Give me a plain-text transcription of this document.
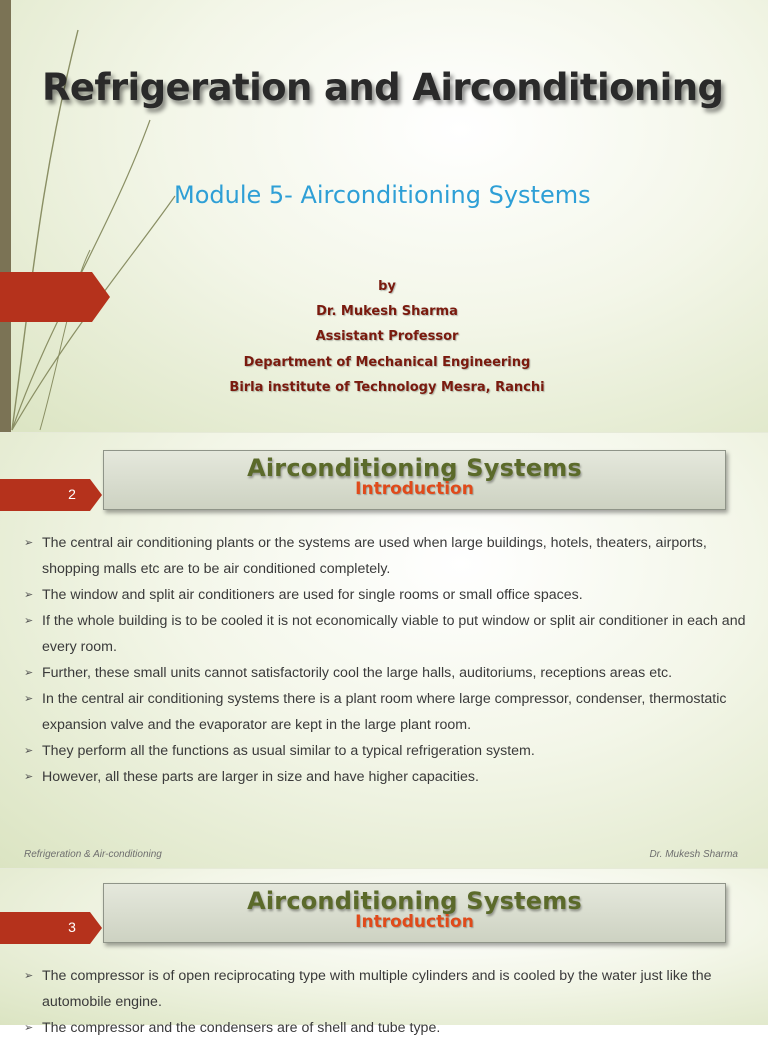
Refrigeration and Airconditioning
Module 5- Airconditioning Systems
by
Dr. Mukesh Sharma
Assistant Professor
Department of Mechanical Engineering
Birla institute of Technology Mesra, Ranchi
2
Airconditioning Systems
Introduction
➢ The central air conditioning plants or the systems are used when large buildings, hotels, theaters, airports, shopping malls etc are to be air conditioned completely.
➢ The window and split air conditioners are used for single rooms or small office spaces.
➢ If the whole building is to be cooled it is not economically viable to put window or split air conditioner in each and every room.
➢ Further, these small units cannot satisfactorily cool the large halls, auditoriums, receptions areas etc.
➢ In the central air conditioning systems there is a plant room where large compressor, condenser, thermostatic expansion valve and the evaporator are kept in the large plant room.
➢ They perform all the functions as usual similar to a typical refrigeration system.
➢ However, all these parts are larger in size and have higher capacities.
Refrigeration & Air-conditioning	Dr. Mukesh Sharma
3
Airconditioning Systems
Introduction
➢ The compressor is of open reciprocating type with multiple cylinders and is cooled by the water just like the automobile engine.
➢ The compressor and the condensers are of shell and tube type.
